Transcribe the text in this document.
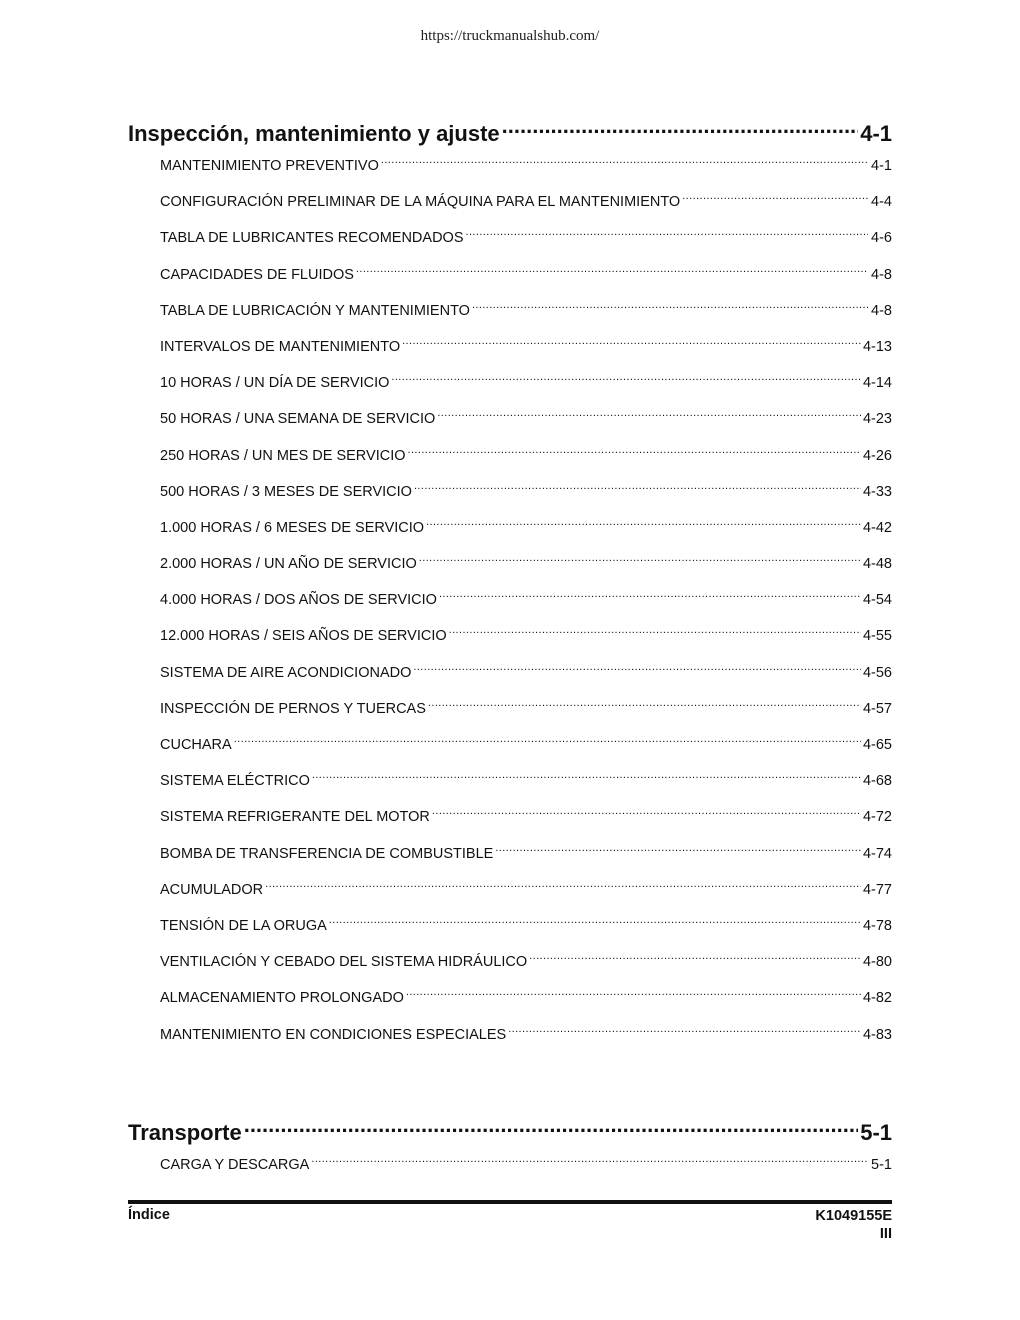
https://truckmanualshub.com/
Inspección, mantenimiento y ajuste .....	4-1
MANTENIMIENTO PREVENTIVO .....	4-1
CONFIGURACIÓN PRELIMINAR DE LA MÁQUINA PARA EL MANTENIMIENTO .....	4-4
TABLA DE LUBRICANTES RECOMENDADOS .....	4-6
CAPACIDADES DE FLUIDOS .....	4-8
TABLA DE LUBRICACIÓN Y MANTENIMIENTO .....	4-8
INTERVALOS DE MANTENIMIENTO .....	4-13
10 HORAS / UN DÍA DE SERVICIO .....	4-14
50 HORAS / UNA SEMANA DE SERVICIO .....	4-23
250 HORAS / UN MES DE SERVICIO .....	4-26
500 HORAS / 3 MESES DE SERVICIO .....	4-33
1.000 HORAS / 6 MESES DE SERVICIO .....	4-42
2.000 HORAS / UN AÑO DE SERVICIO .....	4-48
4.000 HORAS / DOS AÑOS DE SERVICIO .....	4-54
12.000 HORAS / SEIS AÑOS DE SERVICIO .....	4-55
SISTEMA DE AIRE ACONDICIONADO .....	4-56
INSPECCIÓN DE PERNOS Y TUERCAS .....	4-57
CUCHARA .....	4-65
SISTEMA ELÉCTRICO .....	4-68
SISTEMA REFRIGERANTE DEL MOTOR .....	4-72
BOMBA DE TRANSFERENCIA DE COMBUSTIBLE .....	4-74
ACUMULADOR .....	4-77
TENSIÓN DE LA ORUGA .....	4-78
VENTILACIÓN Y CEBADO DEL SISTEMA HIDRÁULICO .....	4-80
ALMACENAMIENTO PROLONGADO .....	4-82
MANTENIMIENTO EN CONDICIONES ESPECIALES .....	4-83
Transporte .....	5-1
CARGA Y DESCARGA .....	5-1
Índice	K1049155E
III
